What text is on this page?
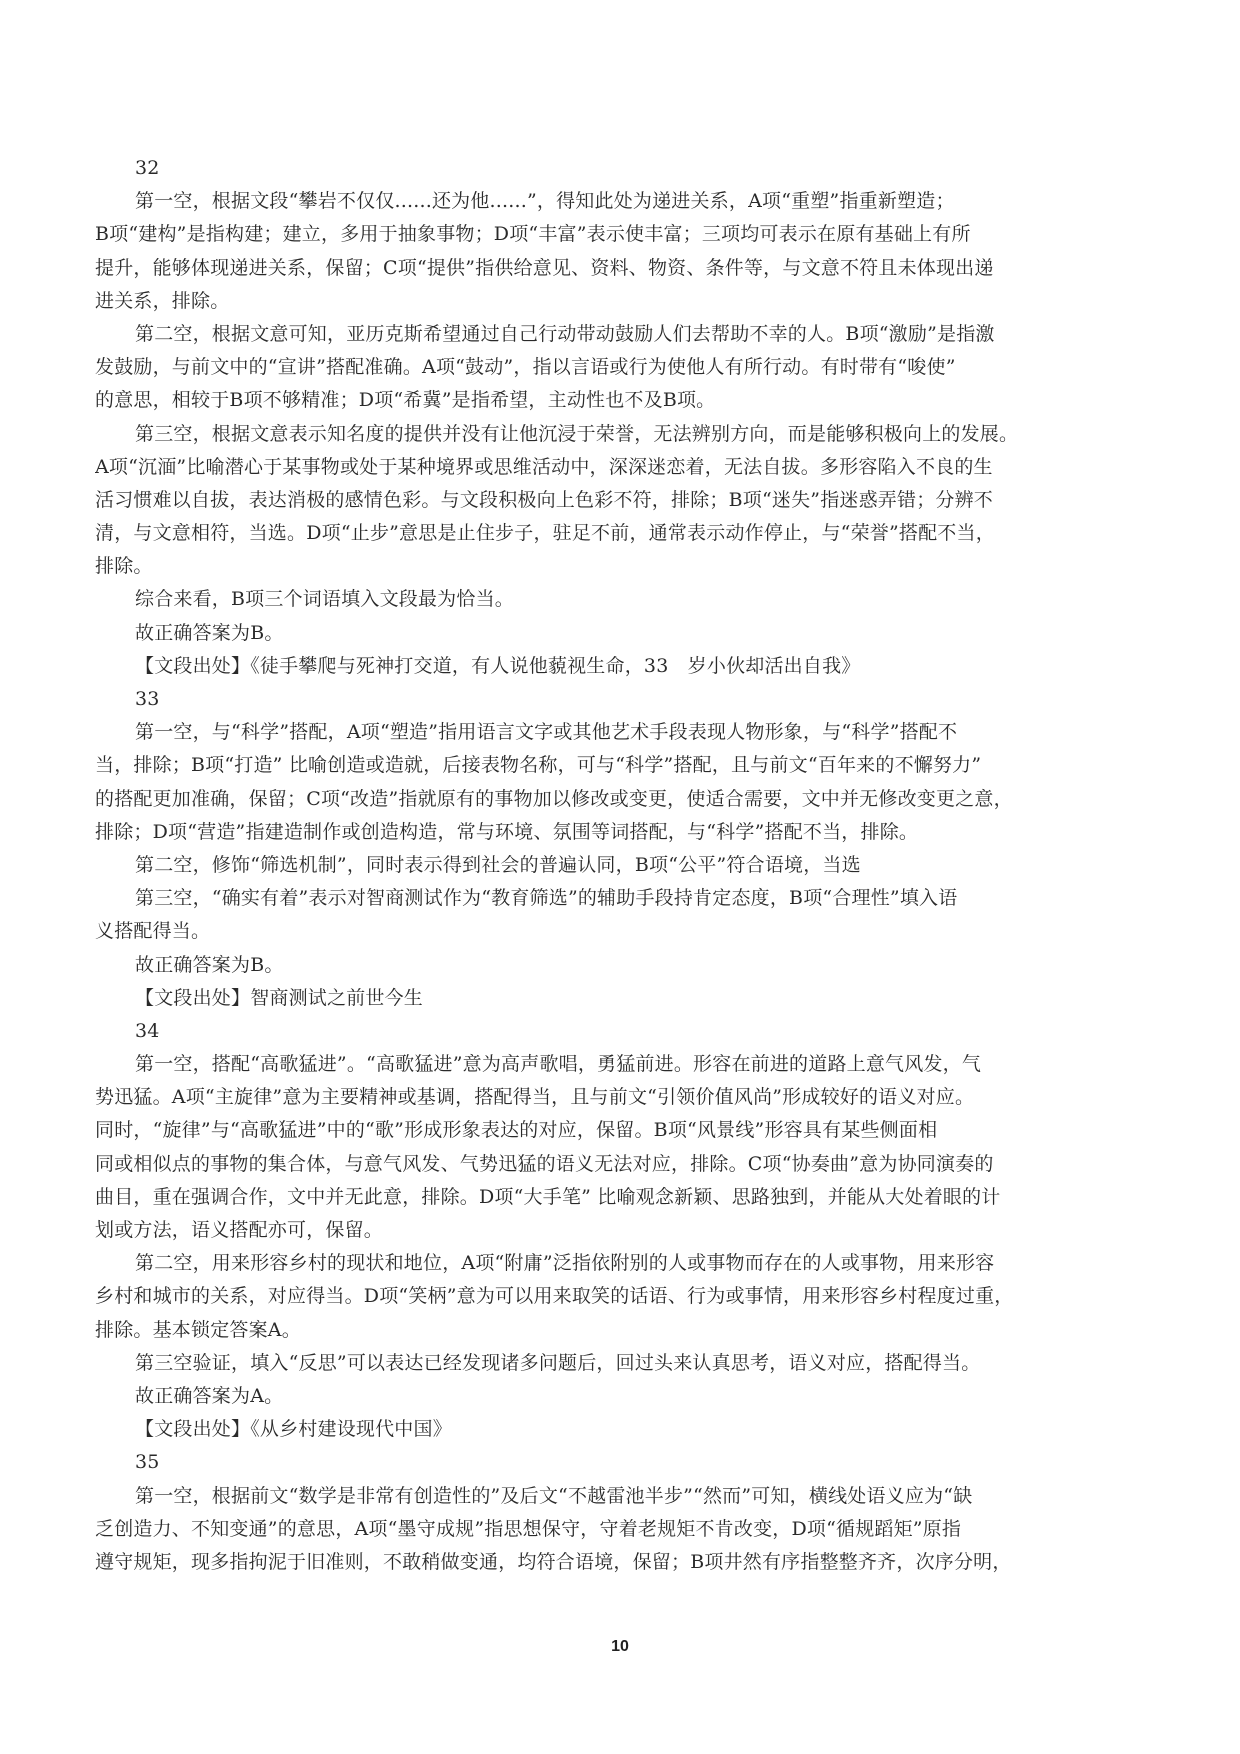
32
第一空，根据文段“攀岩不仅仅......还为他......”，得知此处为递进关系，A项“重塑”指重新塑造；
B项“建构”是指构建；建立，多用于抽象事物；D项“丰富”表示使丰富；三项均可表示在原有基础上有所
提升，能够体现递进关系，保留；C项“提供”指供给意见、资料、物资、条件等，与文意不符且未体现出递
进关系，排除。
第二空，根据文意可知，亚历克斯希望通过自己行动带动鼓励人们去帮助不幸的人。B项“激励”是指激
发鼓励，与前文中的“宣讲”搭配准确。A项“鼓动”，指以言语或行为使他人有所行动。有时带有“唆使”
的意思，相较于B项不够精准；D项“希冀”是指希望，主动性也不及B项。
第三空，根据文意表示知名度的提供并没有让他沉浸于荣誉，无法辨别方向，而是能够积极向上的发展。
A项“沉湎”比喻潜心于某事物或处于某种境界或思维活动中，深深迷恋着，无法自拔。多形容陷入不良的生
活习惯难以自拔，表达消极的感情色彩。与文段积极向上色彩不符，排除；B项“迷失”指迷惑弄错；分辨不
清，与文意相符，当选。D项“止步”意思是止住步子，驻足不前，通常表示动作停止，与“荣誉”搭配不当，
排除。
综合来看，B项三个词语填入文段最为恰当。
故正确答案为B。
【文段出处】《徒手攀爬与死神打交道，有人说他藐视生命，33　岁小伙却活出自我》
33
第一空，与“科学”搭配，A项“塑造”指用语言文字或其他艺术手段表现人物形象，与“科学”搭配不
当，排除；B项“打造” 比喻创造或造就，后接表物名称，可与“科学”搭配，且与前文“百年来的不懈努力”
的搭配更加准确，保留；C项“改造”指就原有的事物加以修改或变更，使适合需要，文中并无修改变更之意，
排除；D项“营造”指建造制作或创造构造，常与环境、氛围等词搭配，与“科学”搭配不当，排除。
第二空，修饰“筛选机制”，同时表示得到社会的普遍认同，B项“公平”符合语境，当选
第三空，“确实有着”表示对智商测试作为“教育筛选”的辅助手段持肯定态度，B项“合理性”填入语
义搭配得当。
故正确答案为B。
【文段出处】智商测试之前世今生
34
第一空，搭配“高歌猛进”。“高歌猛进”意为高声歌唱，勇猛前进。形容在前进的道路上意气风发，气
势迅猛。A项“主旋律”意为主要精神或基调，搭配得当，且与前文“引领价值风尚”形成较好的语义对应。
同时，“旋律”与“高歌猛进”中的“歌”形成形象表达的对应，保留。B项“风景线”形容具有某些侧面相
同或相似点的事物的集合体，与意气风发、气势迅猛的语义无法对应，排除。C项“协奏曲”意为协同演奏的
曲目，重在强调合作，文中并无此意，排除。D项“大手笔” 比喻观念新颖、思路独到，并能从大处着眼的计
划或方法，语义搭配亦可，保留。
第二空，用来形容乡村的现状和地位，A项“附庸”泛指依附别的人或事物而存在的人或事物，用来形容
乡村和城市的关系，对应得当。D项“笑柄”意为可以用来取笑的话语、行为或事情，用来形容乡村程度过重，
排除。基本锁定答案A。
第三空验证，填入“反思”可以表达已经发现诸多问题后，回过头来认真思考，语义对应，搭配得当。
故正确答案为A。
【文段出处】《从乡村建设现代中国》
35
第一空，根据前文“数学是非常有创造性的”及后文“不越雷池半步”“然而”可知，横线处语义应为“缺
乏创造力、不知变通”的意思，A项“墨守成规”指思想保守，守着老规矩不肯改变，D项“循规蹈矩”原指
遵守规矩，现多指拘泥于旧准则，不敢稍做变通，均符合语境，保留；B项井然有序指整整齐齐，次序分明，
10
